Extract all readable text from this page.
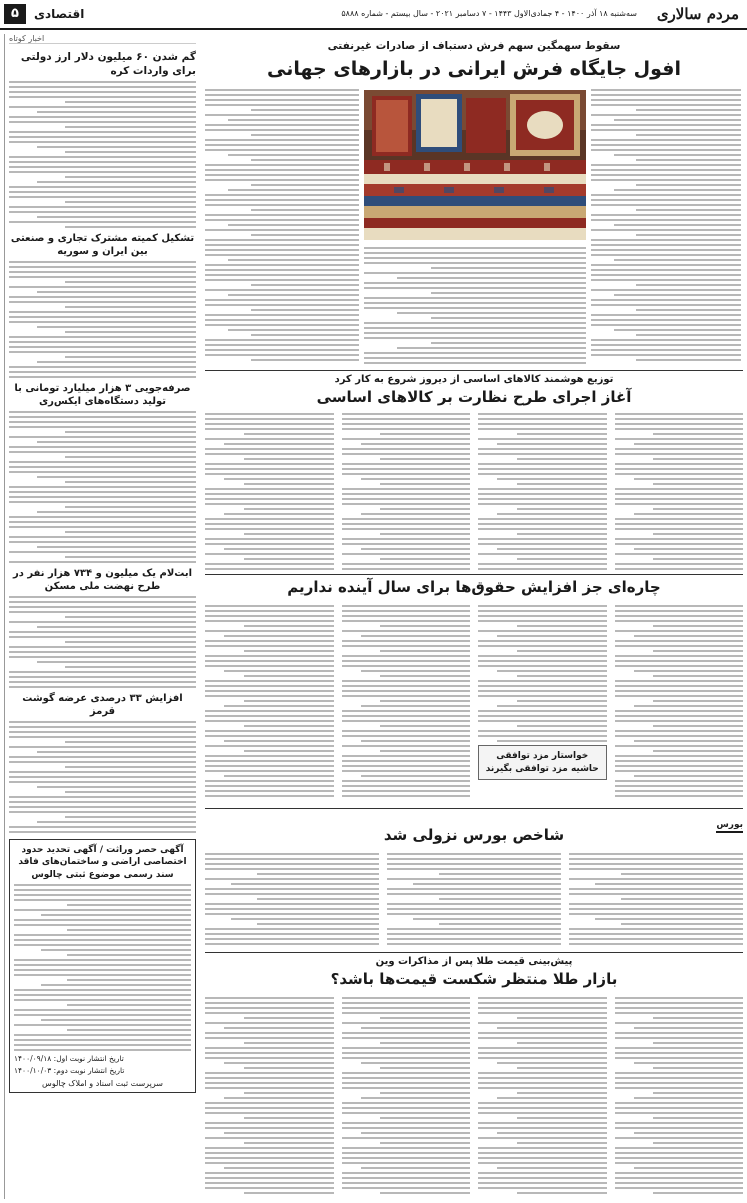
مردم سالاری
سه‌شنبه ۱۸ آذر ۱۴۰۰ - ۴ جمادی‌الاول ۱۴۴۳ - ۷ دسامبر ۲۰۲۱ - سال بیستم - شماره ۵۸۸۸
اقتصادی
۵
اخبار کوتاه
گم شدن ۶۰ میلیون دلار ارز دولتی برای واردات کره
تشکیل کمیته مشترک تجاری و صنعتی بین ایران و سوریه
صرفه‌جویی ۳ هزار میلیارد تومانی با تولید دستگاه‌های ایکس‌ری
ابت‌لام یک میلیون و ۷۳۴ هزار نفر در طرح نهضت ملی مسکن
افزایش ۳۳ درصدی عرضه گوشت قرمز
آگهی حصر وراثت / آگهی تحدید حدود اختصاصی اراضی و ساختمان‌های فاقد سند رسمی موضوع ثبتی چالوس
تاریخ انتشار نوبت اول: ۱۴۰۰/۰۹/۱۸
تاریخ انتشار نوبت دوم: ۱۴۰۰/۱۰/۰۳
سرپرست ثبت اسناد و املاک چالوس
سقوط سهمگین سهم فرش دستباف از صادرات غیرنفتی
افول جایگاه فرش ایرانی در بازارهای جهانی
توزیع هوشمند کالاهای اساسی از دیروز شروع به کار کرد
آغاز اجرای طرح نظارت بر کالاهای اساسی
چاره‌ای جز افزایش حقوق‌ها برای سال آینده نداریم
خواستار مزد توافقی
حاشیه مزد توافقی بگیرند
بورس
شاخص بورس نزولی شد
پیش‌بینی قیمت طلا پس از مذاکرات وین
بازار طلا منتظر شکست قیمت‌ها باشد؟
